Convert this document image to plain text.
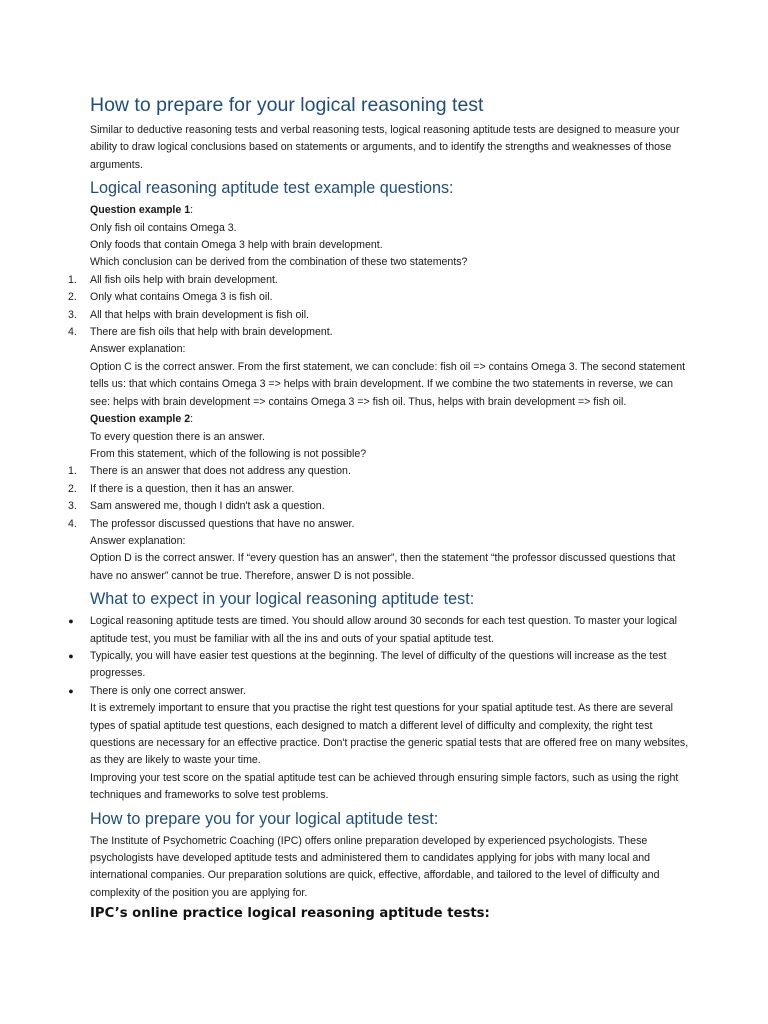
How to prepare for your logical reasoning test

Similar to deductive reasoning tests and verbal reasoning tests, logical reasoning aptitude tests are designed to measure your ability to draw logical conclusions based on statements or arguments, and to identify the strengths and weaknesses of those arguments.

Logical reasoning aptitude test example questions:

Question example 1:

Only fish oil contains Omega 3.

Only foods that contain Omega 3 help with brain development.

Which conclusion can be derived from the combination of these two statements?

1.	All fish oils help with brain development.
2.	Only what contains Omega 3 is fish oil.
3.	All that helps with brain development is fish oil.
4.	There are fish oils that help with brain development.

Answer explanation:

Option C is the correct answer. From the first statement, we can conclude: fish oil => contains Omega 3. The second statement tells us: that which contains Omega 3 => helps with brain development. If we combine the two statements in reverse, we can see: helps with brain development => contains Omega 3 => fish oil. Thus, helps with brain development => fish oil.

Question example 2:

To every question there is an answer.

From this statement, which of the following is not possible?

1.	There is an answer that does not address any question.
2.	If there is a question, then it has an answer.
3.	Sam answered me, though I didn't ask a question.
4.	The professor discussed questions that have no answer.

Answer explanation:

Option D is the correct answer. If “every question has an answer”, then the statement “the professor discussed questions that have no answer” cannot be true. Therefore, answer D is not possible.

What to expect in your logical reasoning aptitude test:
● Logical reasoning aptitude tests are timed. You should allow around 30 seconds for each test question. To master your logical aptitude test, you must be familiar with all the ins and outs of your spatial aptitude test.
● Typically, you will have easier test questions at the beginning. The level of difficulty of the questions will increase as the test progresses.
● There is only one correct answer.

It is extremely important to ensure that you practise the right test questions for your spatial aptitude test. As there are several types of spatial aptitude test questions, each designed to match a different level of difficulty and complexity, the right test questions are necessary for an effective practice. Don't practise the generic spatial tests that are offered free on many websites, as they are likely to waste your time.

Improving your test score on the spatial aptitude test can be achieved through ensuring simple factors, such as using the right techniques and frameworks to solve test problems.

How to prepare you for your logical aptitude test:

The Institute of Psychometric Coaching (IPC) offers online preparation developed by experienced psychologists. These psychologists have developed aptitude tests and administered them to candidates applying for jobs with many local and international companies. Our preparation solutions are quick, effective, affordable, and tailored to the level of difficulty and complexity of the position you are applying for.

IPC’s online practice logical reasoning aptitude tests:
